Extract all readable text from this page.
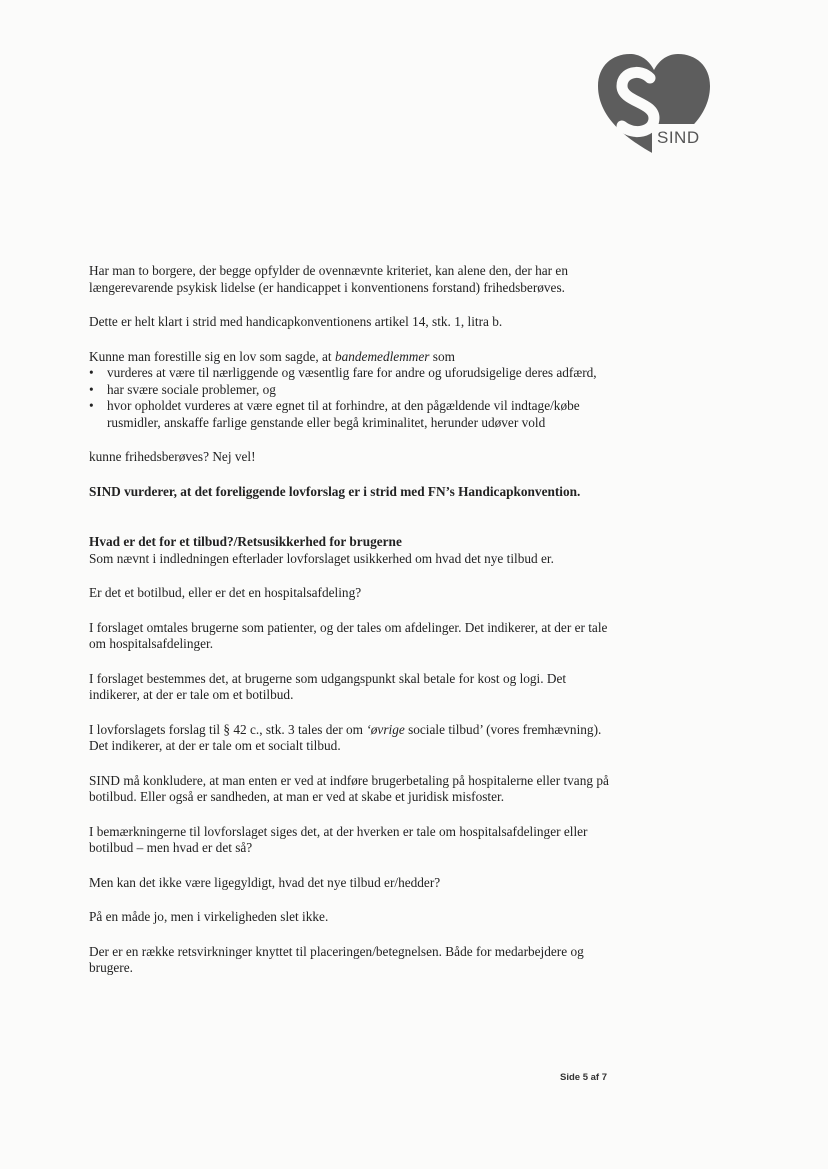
SIND

Har man to borgere, der begge opfylder de ovennævnte kriteriet, kan alene den, der har en længerevarende psykisk lidelse (er handicappet i konventionens forstand) frihedsberøves.

Dette er helt klart i strid med handicapkonventionens artikel 14, stk. 1, litra b.

Kunne man forestille sig en lov som sagde, at bandemedlemmer som

• vurderes at være til nærliggende og væsentlig fare for andre og uforudsigelige deres adfærd,
• har svære sociale problemer, og
• hvor opholdet vurderes at være egnet til at forhindre, at den pågældende vil indtage/købe rusmidler, anskaffe farlige genstande eller begå kriminalitet, herunder udøver vold

kunne frihedsberøves? Nej vel!

SIND vurderer, at det foreliggende lovforslag er i strid med FN’s Handicapkonvention.

Hvad er det for et tilbud?/Retsusikkerhed for brugerne

Som nævnt i indledningen efterlader lovforslaget usikkerhed om hvad det nye tilbud er.

Er det et botilbud, eller er det en hospitalsafdeling?

I forslaget omtales brugerne som patienter, og der tales om afdelinger. Det indikerer, at der er tale om hospitalsafdelinger.

I forslaget bestemmes det, at brugerne som udgangspunkt skal betale for kost og logi. Det indikerer, at der er tale om et botilbud.

I lovforslagets forslag til § 42 c., stk. 3 tales der om ‘øvrige sociale tilbud’ (vores fremhævning). Det indikerer, at der er tale om et socialt tilbud.

SIND må konkludere, at man enten er ved at indføre brugerbetaling på hospitalerne eller tvang på botilbud. Eller også er sandheden, at man er ved at skabe et juridisk misfoster.

I bemærkningerne til lovforslaget siges det, at der hverken er tale om hospitalsafdelinger eller botilbud – men hvad er det så?

Men kan det ikke være ligegyldigt, hvad det nye tilbud er/hedder?

På en måde jo, men i virkeligheden slet ikke.

Der er en række retsvirkninger knyttet til placeringen/betegnelsen. Både for medarbejdere og brugere.

Side 5 af 7
